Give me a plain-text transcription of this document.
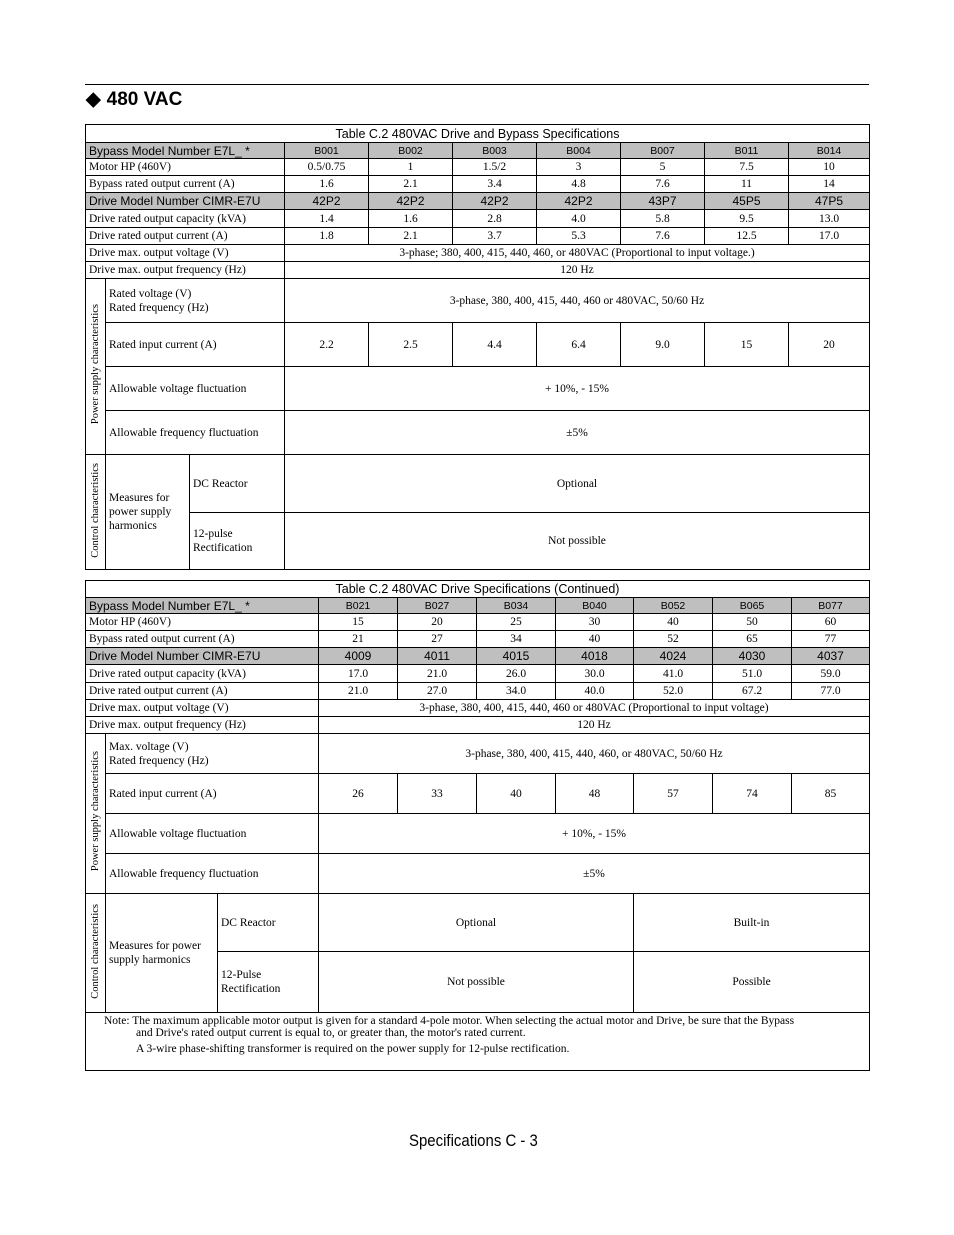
◆ 480 VAC
Table C.2 480VAC Drive and Bypass Specifications									
Bypass Model Number E7L_ *			B001	B002	B003	B004	B007	B011	B014
Motor HP (460V)			0.5/0.75	1	1.5/2	3	5	7.5	10
Bypass rated output current (A)			1.6	2.1	3.4	4.8	7.6	11	14
Drive Model Number CIMR-E7U			42P2	42P2	42P2	42P2	43P7	45P5	47P5
Drive rated output capacity (kVA)			1.4	1.6	2.8	4.0	5.8	9.5	13.0
Drive rated output current (A)			1.8	2.1	3.7	5.3	7.6	12.5	17.0
Drive max. output voltage (V)			3-phase; 380, 400, 415, 440, 460, or 480VAC (Proportional to input voltage.)						
Drive max. output frequency (Hz)			120 Hz						
Power supply characteristics	Rated voltage (V)
Rated frequency (Hz)		3-phase, 380, 400, 415, 440, 460 or 480VAC, 50/60 Hz						
	Rated input current (A)		2.2	2.5	4.4	6.4	9.0	15	20
	Allowable voltage fluctuation		+ 10%, - 15%						
	Allowable frequency fluctuation		±5%						
Control characteristics	Measures for power supply harmonics	DC Reactor	Optional						
		12-pulse Rectification	Not possible						
Table C.2 480VAC Drive Specifications (Continued)									
Bypass Model Number E7L_ *			B021	B027	B034	B040	B052	B065	B077
Motor HP (460V)			15	20	25	30	40	50	60
Bypass rated output current (A)			21	27	34	40	52	65	77
Drive Model Number CIMR-E7U			4009	4011	4015	4018	4024	4030	4037
Drive rated output capacity (kVA)			17.0	21.0	26.0	30.0	41.0	51.0	59.0
Drive rated output current (A)			21.0	27.0	34.0	40.0	52.0	67.2	77.0
Drive max. output voltage (V)			3-phase, 380, 400, 415, 440, 460 or 480VAC (Proportional to input voltage)						
Drive max. output frequency (Hz)			120 Hz						
Power supply characteristics	Max. voltage (V)
Rated frequency (Hz)		3-phase, 380, 400, 415, 440, 460, or 480VAC, 50/60 Hz						
	Rated input current (A)		26	33	40	48	57	74	85
	Allowable voltage fluctuation		+ 10%, - 15%						
	Allowable frequency fluctuation		±5%						
Control characteristics	Measures for power supply harmonics	DC Reactor	Optional				Built-in		
		12-Pulse Rectification	Not possible				Possible		

Note: The maximum applicable motor output is given for a standard 4-pole motor. When selecting the actual motor and Drive, be sure that the Bypass
and Drive's rated output current is equal to, or greater than, the motor's rated current.
A 3-wire phase-shifting transformer is required on the power supply for 12-pulse rectification.									
Specifications C - 3
